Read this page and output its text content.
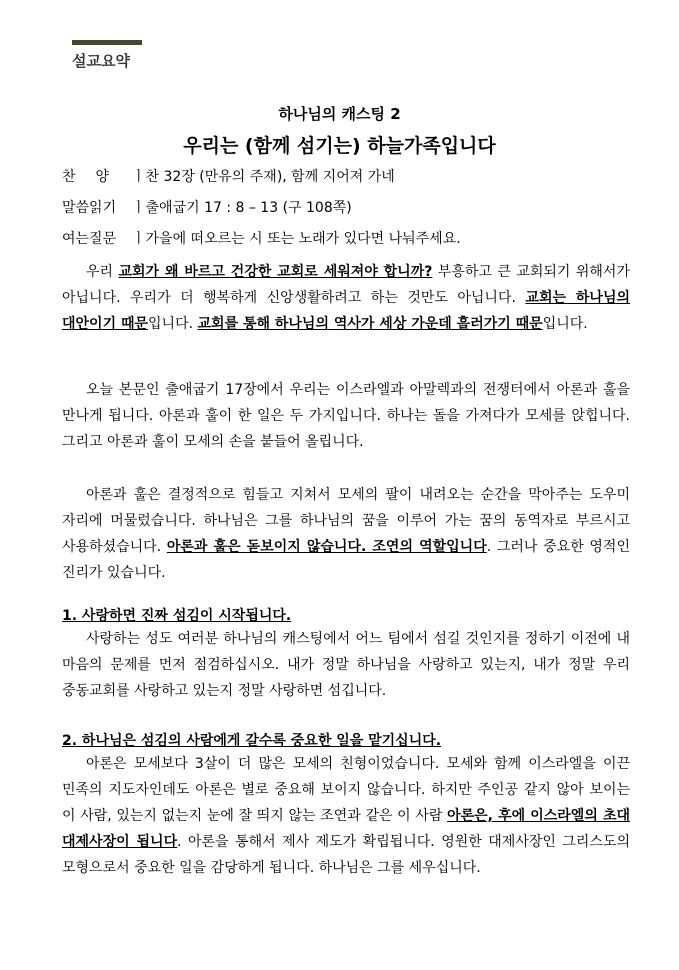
설교요약
하나님의 캐스팅 2
우리는 (함께 섬기는) 하늘가족입니다
찬양 ㅣ찬 32장 (만유의 주재), 함께 지어져 가네
말씀읽기 ㅣ출애굽기 17 : 8 – 13 (구 108쪽)
여는질문 ㅣ가을에 떠오르는 시 또는 노래가 있다면 나눠주세요.

우리 교회가 왜 바르고 건강한 교회로 세워져야 합니까? 부흥하고 큰 교회되기 위해서가 아닙니다. 우리가 더 행복하게 신앙생활하려고 하는 것만도 아닙니다. 교회는 하나님의 대안이기 때문입니다. 교회를 통해 하나님의 역사가 세상 가운데 흘러가기 때문입니다.

오늘 본문인 출애굽기 17장에서 우리는 이스라엘과 아말렉과의 전쟁터에서 아론과 훌을 만나게 됩니다. 아론과 훌이 한 일은 두 가지입니다. 하나는 돌을 가져다가 모세를 앉힙니다. 그리고 아론과 훌이 모세의 손을 붙들어 올립니다.

아론과 훌은 결정적으로 힘들고 지쳐서 모세의 팔이 내려오는 순간을 막아주는 도우미 자리에 머물렀습니다. 하나님은 그를 하나님의 꿈을 이루어 가는 꿈의 동역자로 부르시고 사용하셨습니다. 아론과 훌은 돋보이지 않습니다. 조연의 역할입니다. 그러나 중요한 영적인 진리가 있습니다.

1. 사랑하면 진짜 섬김이 시작됩니다.

사랑하는 성도 여러분 하나님의 캐스팅에서 어느 팀에서 섬길 것인지를 정하기 이전에 내 마음의 문제를 먼저 점검하십시오. 내가 정말 하나님을 사랑하고 있는지, 내가 정말 우리 중동교회를 사랑하고 있는지 정말 사랑하면 섬깁니다.

2. 하나님은 섬김의 사람에게 갈수록 중요한 일을 맡기십니다.

아론은 모세보다 3살이 더 많은 모세의 친형이었습니다. 모세와 함께 이스라엘을 이끈 민족의 지도자인데도 아론은 별로 중요해 보이지 않습니다. 하지만 주인공 같지 않아 보이는 이 사람, 있는지 없는지 눈에 잘 띄지 않는 조연과 같은 이 사람 아론은, 후에 이스라엘의 초대 대제사장이 됩니다. 아론을 통해서 제사 제도가 확립됩니다. 영원한 대제사장인 그리스도의 모형으로서 중요한 일을 감당하게 됩니다. 하나님은 그를 세우십니다.
